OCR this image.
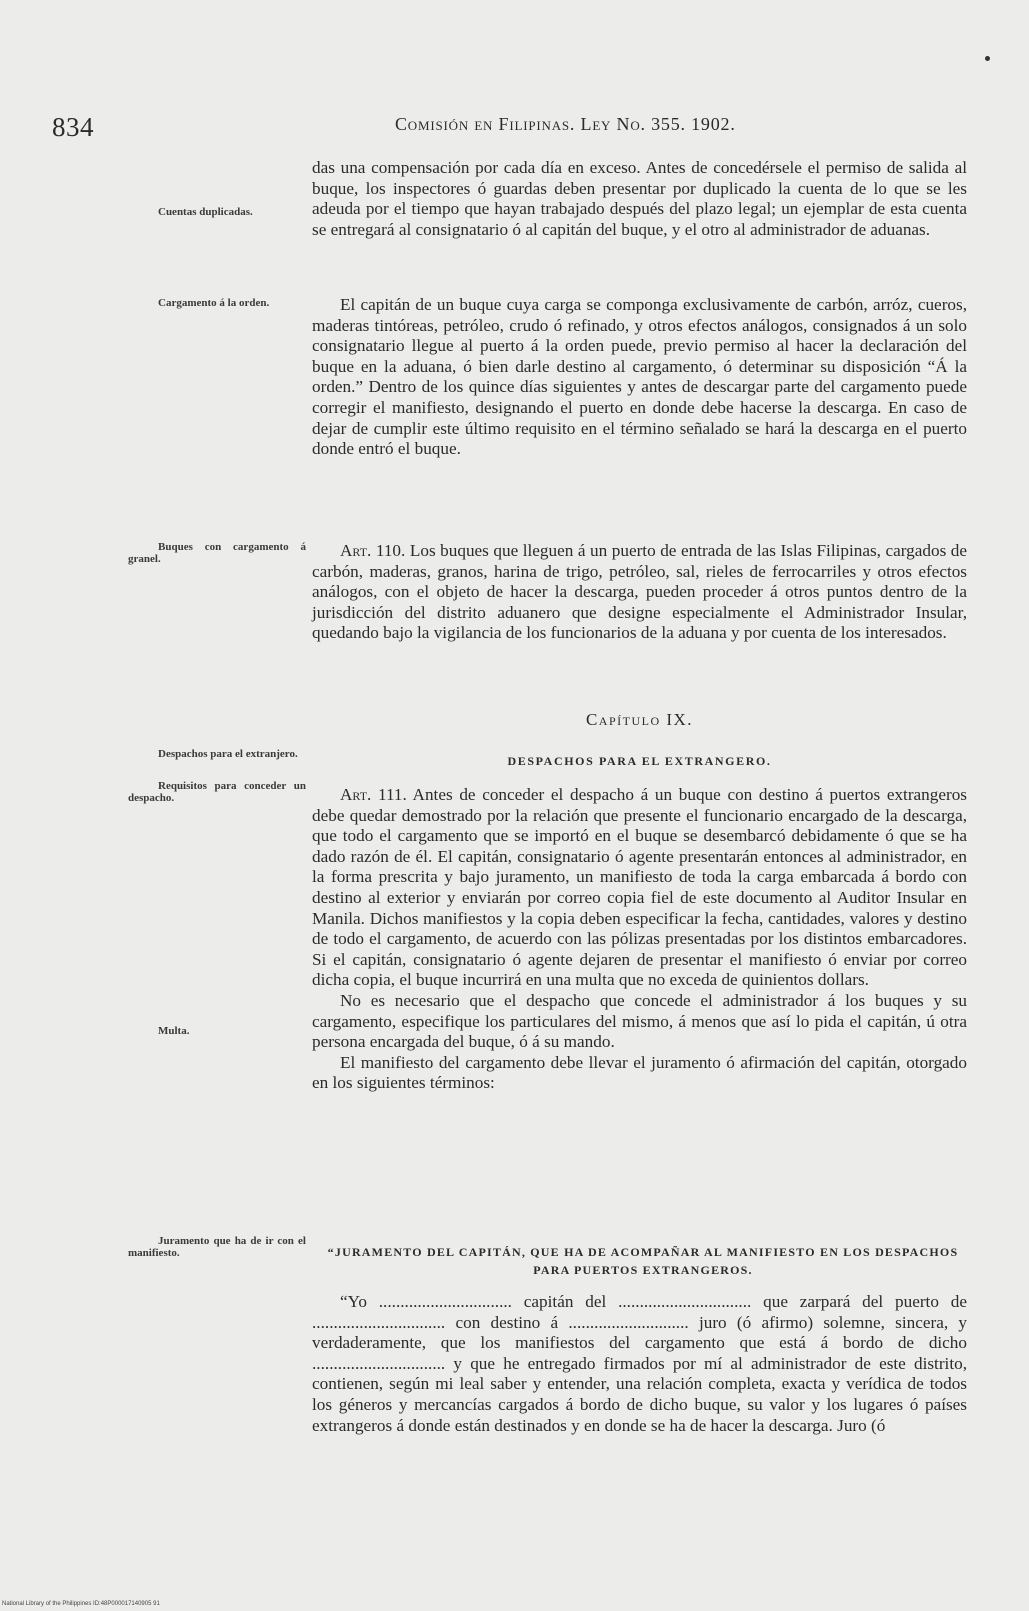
834	Comisión en Filipinas. Ley No. 355. 1902.
Cuentas duplicadas.
Cargamento á la orden.
Buques con cargamento á granel.
Despachos para el extranjero.
Requisitos para conceder un despacho.
Multa.
Juramento que ha de ir con el manifiesto.

das una compensación por cada día en exceso. Antes de concedérsele el permiso de salida al buque, los inspectores ó guardas deben presentar por duplicado la cuenta de lo que se les adeuda por el tiempo que hayan trabajado después del plazo legal; un ejemplar de esta cuenta se entregará al consignatario ó al capitán del buque, y el otro al administrador de aduanas.

El capitán de un buque cuya carga se componga exclusivamente de carbón, arróz, cueros, maderas tintóreas, petróleo, crudo ó refinado, y otros efectos análogos, consignados á un solo consignatario llegue al puerto á la orden puede, previo permiso al hacer la declaración del buque en la aduana, ó bien darle destino al cargamento, ó determinar su disposición “Á la orden.” Dentro de los quince días siguientes y antes de descargar parte del cargamento puede corregir el manifiesto, designando el puerto en donde debe hacerse la descarga. En caso de dejar de cumplir este último requisito en el término señalado se hará la descarga en el puerto donde entró el buque.

Art. 110. Los buques que lleguen á un puerto de entrada de las Islas Filipinas, cargados de carbón, maderas, granos, harina de trigo, petróleo, sal, rieles de ferrocarriles y otros efectos análogos, con el objeto de hacer la descarga, pueden proceder á otros puntos dentro de la jurisdicción del distrito aduanero que designe especialmente el Administrador Insular, quedando bajo la vigilancia de los funcionarios de la aduana y por cuenta de los interesados.

Capítulo IX.
DESPACHOS PARA EL EXTRANGERO.

Art. 111. Antes de conceder el despacho á un buque con destino á puertos extrangeros debe quedar demostrado por la relación que presente el funcionario encargado de la descarga, que todo el cargamento que se importó en el buque se desembarcó debidamente ó que se ha dado razón de él. El capitán, consignatario ó agente presentarán entonces al administrador, en la forma prescrita y bajo juramento, un manifiesto de toda la carga embarcada á bordo con destino al exterior y enviarán por correo copia fiel de este documento al Auditor Insular en Manila. Dichos manifiestos y la copia deben especificar la fecha, cantidades, valores y destino de todo el cargamento, de acuerdo con las pólizas presentadas por los distintos embarcadores. Si el capitán, consignatario ó agente dejaren de presentar el manifiesto ó enviar por correo dicha copia, el buque incurrirá en una multa que no exceda de quinientos dollars.

No es necesario que el despacho que concede el administrador á los buques y su cargamento, especifique los particulares del mismo, á menos que así lo pida el capitán, ú otra persona encargada del buque, ó á su mando.

El manifiesto del cargamento debe llevar el juramento ó afirmación del capitán, otorgado en los siguientes términos:

“JURAMENTO DEL CAPITÁN, QUE HA DE ACOMPAÑAR AL MANIFIESTO EN LOS DESPACHOS PARA PUERTOS EXTRANGEROS.

“Yo ............................... capitán del ............................... que zarpará del puerto de ............................... con destino á ............................ juro (ó afirmo) solemne, sincera, y verdaderamente, que los manifiestos del cargamento que está á bordo de dicho ............................... y que he entregado firmados por mí al administrador de este distrito, contienen, según mi leal saber y entender, una relación completa, exacta y verídica de todos los géneros y mercancías cargados á bordo de dicho buque, su valor y los lugares ó países extrangeros á donde están destinados y en donde se ha de hacer la descarga. Juro (ó

National Library of the Philippines ID:48P000017140905 91
